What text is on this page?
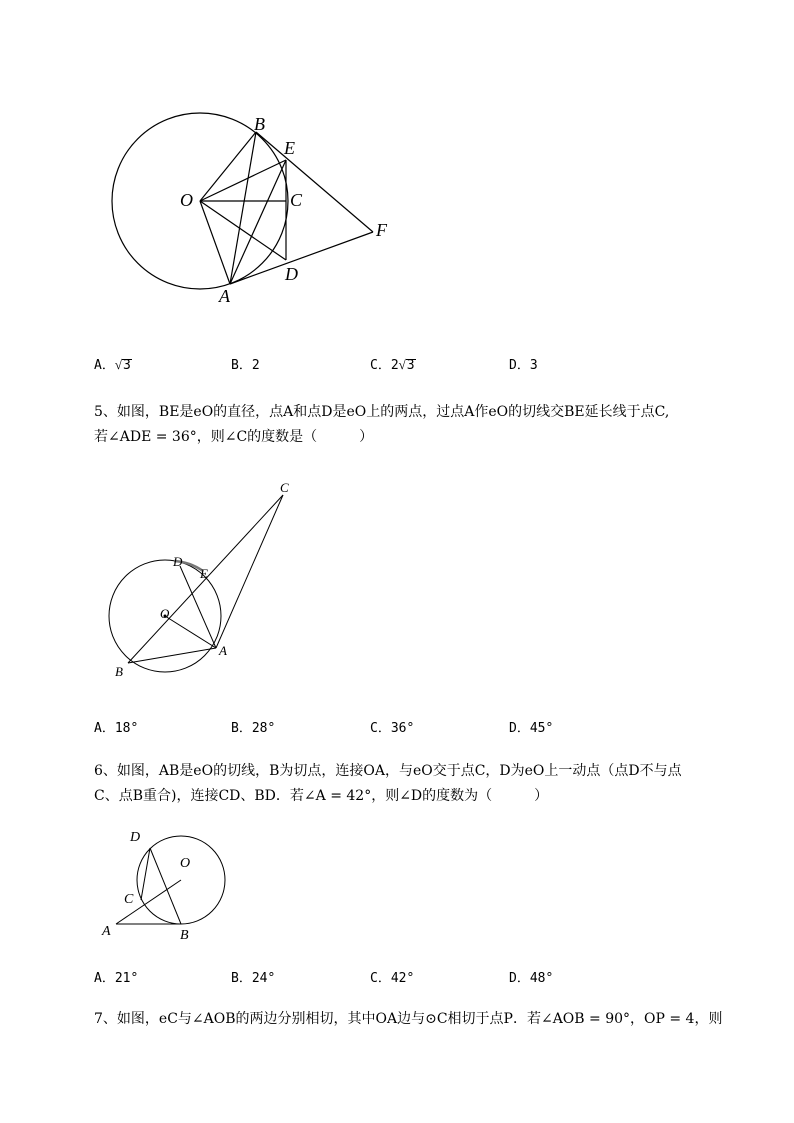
B
E
O	C
F
D
A
A．√3	B．2	C．2√3	D．3
5、如图，BE是eO的直径，点A和点D是eO上的两点，过点A作eO的切线交BE延长线于点C,
若∠ADE = 36°，则∠C的度数是（　　　）
C
D
E
O
A
B
A．18°	B．28°	C．36°	D．45°
6、如图，AB是eO的切线，B为切点，连接OA，与eO交于点C，D为eO上一动点（点D不与点
C、点B重合)，连接CD、BD．若∠A = 42°，则∠D的度数为（　　　）
D
O
C
A	B
A．21°	B．24°	C．42°	D．48°
7、如图，eC与∠AOB的两边分别相切，其中OA边与⊙C相切于点P．若∠AOB = 90°，OP = 4，则
